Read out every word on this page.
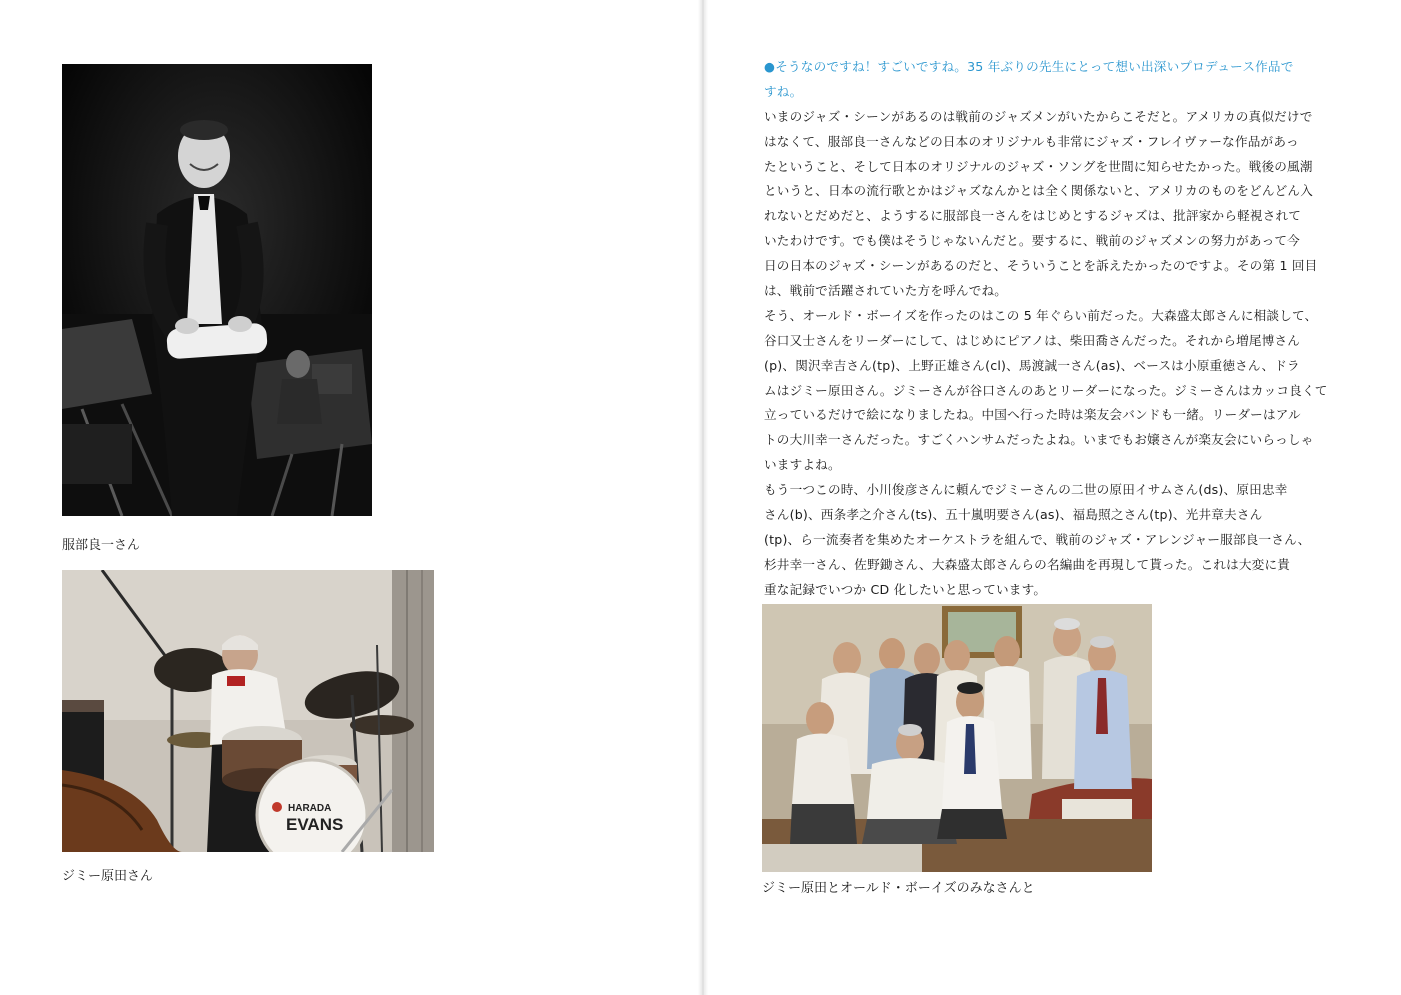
服部良一さん
HARADA
EVANS
ジミー原田さん
●そうなのですね！すごいですね。35 年ぶりの先生にとって想い出深いプロデュース作品で
すね。
いまのジャズ・シーンがあるのは戦前のジャズメンがいたからこそだと。アメリカの真似だけで
はなくて、服部良一さんなどの日本のオリジナルも非常にジャズ・フレイヴァーな作品があっ
たということ、そして日本のオリジナルのジャズ・ソングを世間に知らせたかった。戦後の風潮
というと、日本の流行歌とかはジャズなんかとは全く関係ないと、アメリカのものをどんどん入
れないとだめだと、ようするに服部良一さんをはじめとするジャズは、批評家から軽視されて
いたわけです。でも僕はそうじゃないんだと。要するに、戦前のジャズメンの努力があって今
日の日本のジャズ・シーンがあるのだと、そういうことを訴えたかったのですよ。その第 1 回目
は、戦前で活躍されていた方を呼んでね。
そう、オールド・ボーイズを作ったのはこの 5 年ぐらい前だった。大森盛太郎さんに相談して、
谷口又士さんをリーダーにして、はじめにピアノは、柴田喬さんだった。それから増尾博さん
(p)、関沢幸吉さん(tp)、上野正雄さん(cl)、馬渡誠一さん(as)、ベースは小原重徳さん、ドラ
ムはジミー原田さん。ジミーさんが谷口さんのあとリーダーになった。ジミーさんはカッコ良くて
立っているだけで絵になりましたね。中国へ行った時は楽友会バンドも一緒。リーダーはアル
トの大川幸一さんだった。すごくハンサムだったよね。いまでもお嬢さんが楽友会にいらっしゃ
いますよね。
もう一つこの時、小川俊彦さんに頼んでジミーさんの二世の原田イサムさん(ds)、原田忠幸
さん(b)、西条孝之介さん(ts)、五十嵐明要さん(as)、福島照之さん(tp)、光井章夫さん
(tp)、ら一流奏者を集めたオーケストラを組んで、戦前のジャズ・アレンジャー服部良一さん、
杉井幸一さん、佐野鋤さん、大森盛太郎さんらの名編曲を再現して貰った。これは大変に貴
重な記録でいつか CD 化したいと思っています。
ジミー原田とオールド・ボーイズのみなさんと
